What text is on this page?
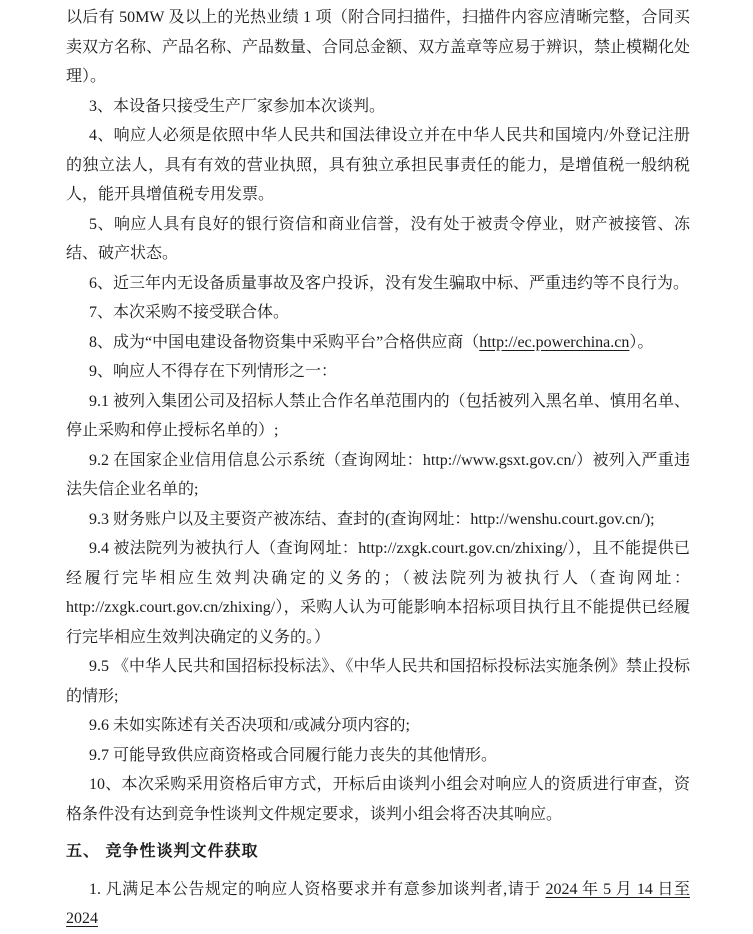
以后有 50MW 及以上的光热业绩 1 项（附合同扫描件，扫描件内容应清晰完整，合同买卖双方名称、产品名称、产品数量、合同总金额、双方盖章等应易于辨识，禁止模糊化处理）。

3、本设备只接受生产厂家参加本次谈判。

4、响应人必须是依照中华人民共和国法律设立并在中华人民共和国境内/外登记注册的独立法人，具有有效的营业执照，具有独立承担民事责任的能力，是增值税一般纳税人，能开具增值税专用发票。

5、响应人具有良好的银行资信和商业信誉，没有处于被责令停业，财产被接管、冻结、破产状态。

6、近三年内无设备质量事故及客户投诉，没有发生骗取中标、严重违约等不良行为。

7、本次采购不接受联合体。

8、成为“中国电建设备物资集中采购平台”合格供应商（http://ec.powerchina.cn）。

9、响应人不得存在下列情形之一：

9.1 被列入集团公司及招标人禁止合作名单范围内的（包括被列入黑名单、慎用名单、停止采购和停止授标名单的）;

9.2 在国家企业信用信息公示系统（查询网址：http://www.gsxt.gov.cn/）被列入严重违法失信企业名单的;

9.3 财务账户以及主要资产被冻结、查封的(查询网址：http://wenshu.court.gov.cn/);

9.4 被法院列为被执行人（查询网址：http://zxgk.court.gov.cn/zhixing/），且不能提供已经履行完毕相应生效判决确定的义务的；（被法院列为被执行人（查询网址：http://zxgk.court.gov.cn/zhixing/），采购人认为可能影响本招标项目执行且不能提供已经履行完毕相应生效判决确定的义务的。）

9.5 《中华人民共和国招标投标法》、《中华人民共和国招标投标法实施条例》禁止投标的情形;

9.6 未如实陈述有关否决项和/或减分项内容的;

9.7 可能导致供应商资格或合同履行能力丧失的其他情形。

10、本次采购采用资格后审方式，开标后由谈判小组会对响应人的资质进行审查，资格条件没有达到竞争性谈判文件规定要求，谈判小组会将否决其响应。

五、 竞争性谈判文件获取

1. 凡满足本公告规定的响应人资格要求并有意参加谈判者,请于 2024 年 5 月 14 日至 2024
